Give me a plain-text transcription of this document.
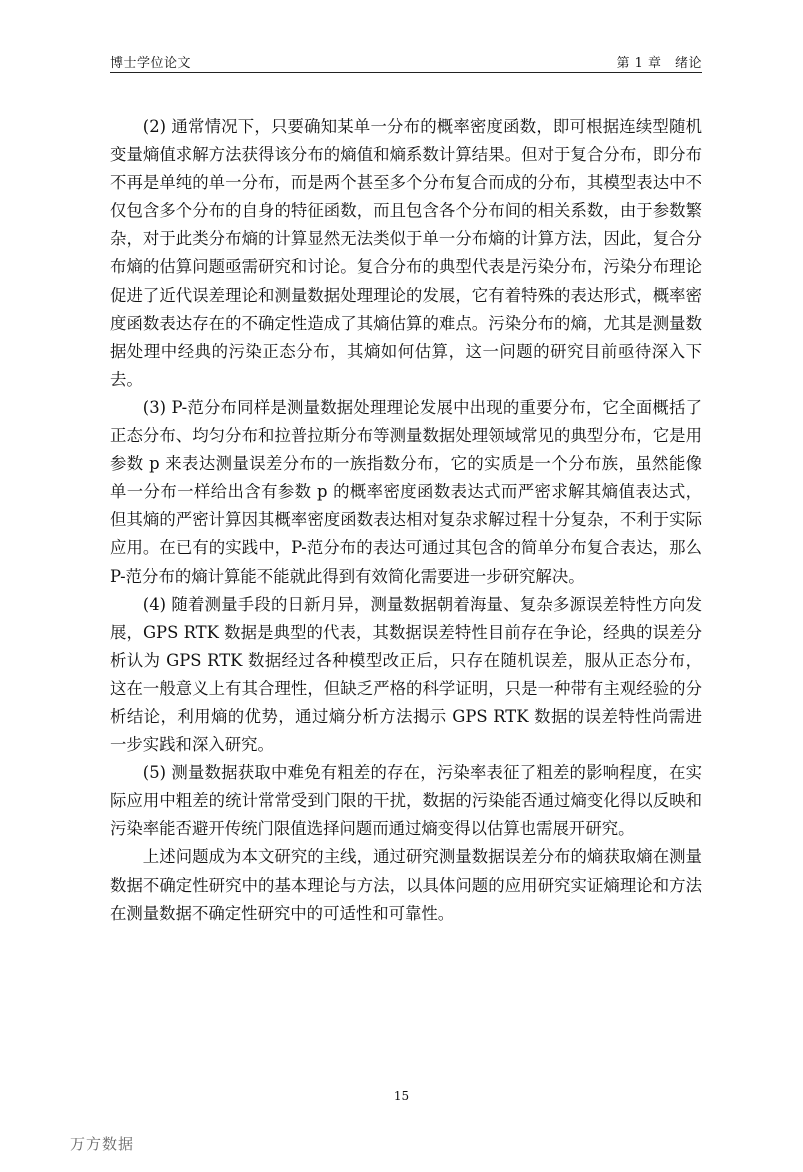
博士学位论文	第 1 章　绪论

(2) 通常情况下，只要确知某单一分布的概率密度函数，即可根据连续型随机变量熵值求解方法获得该分布的熵值和熵系数计算结果。但对于复合分布，即分布不再是单纯的单一分布，而是两个甚至多个分布复合而成的分布，其模型表达中不仅包含多个分布的自身的特征函数，而且包含各个分布间的相关系数，由于参数繁杂，对于此类分布熵的计算显然无法类似于单一分布熵的计算方法，因此，复合分布熵的估算问题亟需研究和讨论。复合分布的典型代表是污染分布，污染分布理论促进了近代误差理论和测量数据处理理论的发展，它有着特殊的表达形式，概率密度函数表达存在的不确定性造成了其熵估算的难点。污染分布的熵，尤其是测量数据处理中经典的污染正态分布，其熵如何估算，这一问题的研究目前亟待深入下去。

(3) P-范分布同样是测量数据处理理论发展中出现的重要分布，它全面概括了正态分布、均匀分布和拉普拉斯分布等测量数据处理领域常见的典型分布，它是用参数 p 来表达测量误差分布的一族指数分布，它的实质是一个分布族，虽然能像单一分布一样给出含有参数 p 的概率密度函数表达式而严密求解其熵值表达式，但其熵的严密计算因其概率密度函数表达相对复杂求解过程十分复杂，不利于实际应用。在已有的实践中，P-范分布的表达可通过其包含的简单分布复合表达，那么 P-范分布的熵计算能不能就此得到有效简化需要进一步研究解决。

(4) 随着测量手段的日新月异，测量数据朝着海量、复杂多源误差特性方向发展，GPS RTK 数据是典型的代表，其数据误差特性目前存在争论，经典的误差分析认为 GPS RTK 数据经过各种模型改正后，只存在随机误差，服从正态分布，这在一般意义上有其合理性，但缺乏严格的科学证明，只是一种带有主观经验的分析结论，利用熵的优势，通过熵分析方法揭示 GPS RTK 数据的误差特性尚需进一步实践和深入研究。

(5) 测量数据获取中难免有粗差的存在，污染率表征了粗差的影响程度，在实际应用中粗差的统计常常受到门限的干扰，数据的污染能否通过熵变化得以反映和污染率能否避开传统门限值选择问题而通过熵变得以估算也需展开研究。

上述问题成为本文研究的主线，通过研究测量数据误差分布的熵获取熵在测量数据不确定性研究中的基本理论与方法，以具体问题的应用研究实证熵理论和方法在测量数据不确定性研究中的可适性和可靠性。

15
万方数据
